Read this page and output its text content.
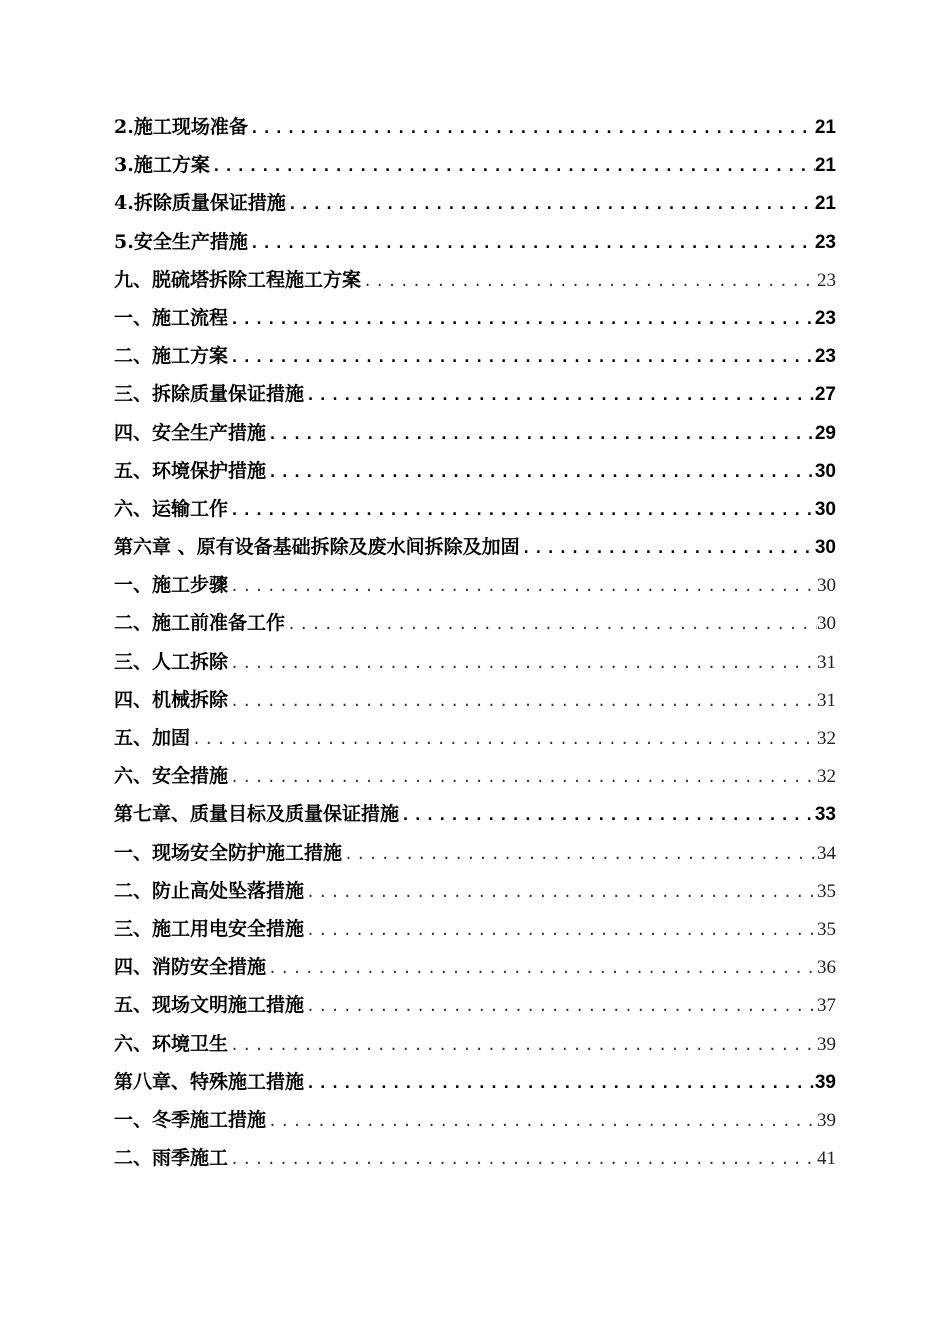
2.施工现场准备 .....	21
3.施工方案 .....	21
4.拆除质量保证措施 .....	21
5.安全生产措施 .....	23
九、脱硫塔拆除工程施工方案 .....	23
一、施工流程 .....	23
二、施工方案 .....	23
三、拆除质量保证措施 .....	27
四、安全生产措施 .....	29
五、环境保护措施 .....	30
六、运输工作 .....	30
第六章 、原有设备基础拆除及废水间拆除及加固 .....	30
一、施工步骤 .....	30
二、施工前准备工作 .....	30
三、人工拆除 .....	31
四、机械拆除 .....	31
五、加固 .....	32
六、安全措施 .....	32
第七章、质量目标及质量保证措施 .....	33
一、现场安全防护施工措施 .....	34
二、防止高处坠落措施 .....	35
三、施工用电安全措施 .....	35
四、消防安全措施 .....	36
五、现场文明施工措施 .....	37
六、环境卫生 .....	39
第八章、特殊施工措施 .....	39
一、冬季施工措施 .....	39
二、雨季施工 .....	41
